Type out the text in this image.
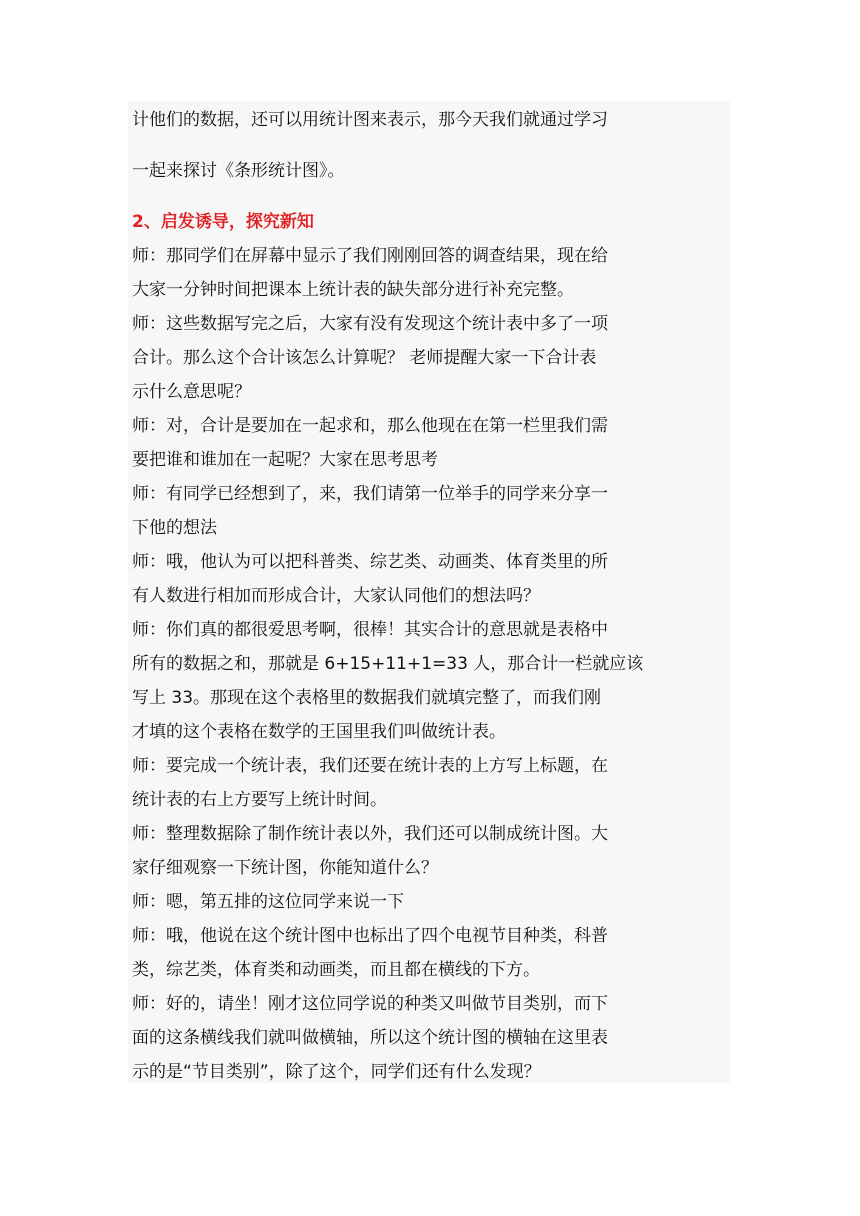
计他们的数据，还可以用统计图来表示，那今天我们就通过学习
一起来探讨《条形统计图》。
2、启发诱导，探究新知
师：那同学们在屏幕中显示了我们刚刚回答的调查结果，现在给
大家一分钟时间把课本上统计表的缺失部分进行补充完整。
师：这些数据写完之后，大家有没有发现这个统计表中多了一项
合计。那么这个合计该怎么计算呢？ 老师提醒大家一下合计表
示什么意思呢？
师：对，合计是要加在一起求和，那么他现在在第一栏里我们需
要把谁和谁加在一起呢？大家在思考思考
师：有同学已经想到了，来，我们请第一位举手的同学来分享一
下他的想法
师：哦，他认为可以把科普类、综艺类、动画类、体育类里的所
有人数进行相加而形成合计，大家认同他们的想法吗？
师：你们真的都很爱思考啊，很棒！其实合计的意思就是表格中
所有的数据之和，那就是 6+15+11+1=33 人，那合计一栏就应该
写上 33。那现在这个表格里的数据我们就填完整了，而我们刚
才填的这个表格在数学的王国里我们叫做统计表。
师：要完成一个统计表，我们还要在统计表的上方写上标题，在
统计表的右上方要写上统计时间。
师：整理数据除了制作统计表以外，我们还可以制成统计图。大
家仔细观察一下统计图，你能知道什么？
师：嗯，第五排的这位同学来说一下
师：哦，他说在这个统计图中也标出了四个电视节目种类，科普
类，综艺类，体育类和动画类，而且都在横线的下方。
师：好的，请坐！刚才这位同学说的种类又叫做节目类别，而下
面的这条横线我们就叫做横轴，所以这个统计图的横轴在这里表
示的是“节目类别”，除了这个，同学们还有什么发现？
